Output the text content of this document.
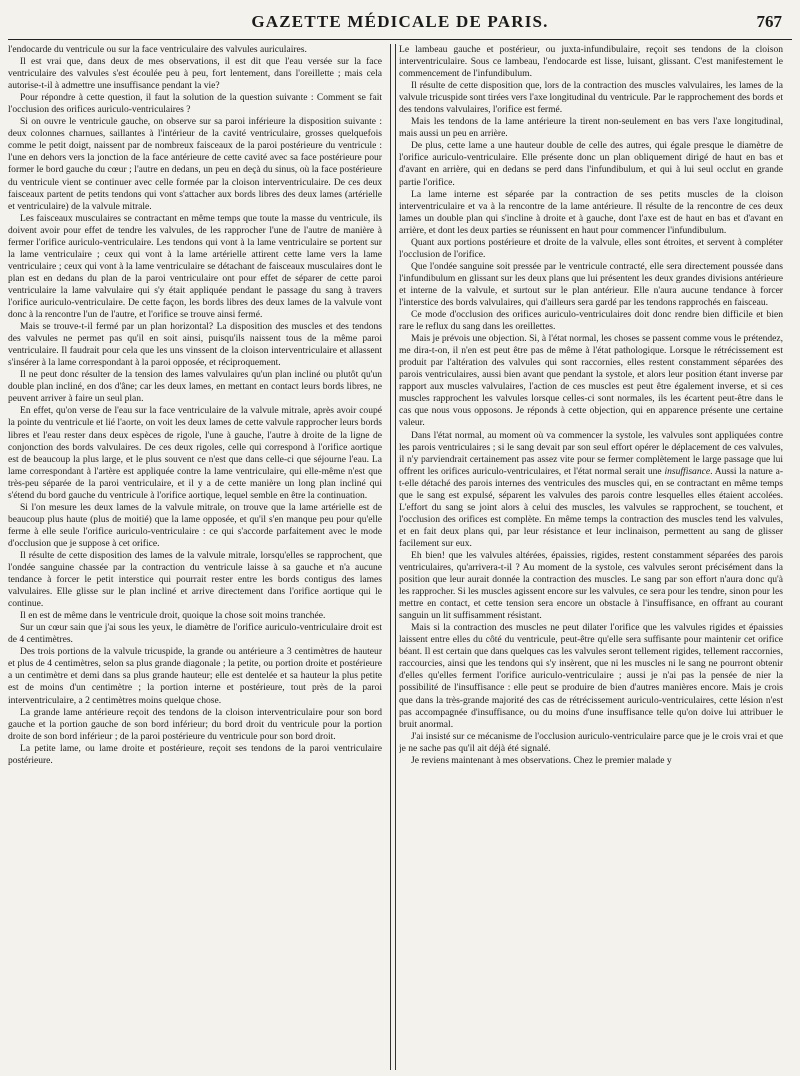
GAZETTE MÉDICALE DE PARIS.	767

l'endocarde du ventricule ou sur la face ventriculaire des valvules auriculaires.

Il est vrai que, dans deux de mes observations, il est dit que l'eau versée sur la face ventriculaire des valvules s'est écoulée peu à peu, fort lentement, dans l'oreillette ; mais cela autorise-t-il à admettre une insuffisance pendant la vie?

Pour répondre à cette question, il faut la solution de la question suivante : Comment se fait l'occlusion des orifices auriculo-ventriculaires ?

Si on ouvre le ventricule gauche, on observe sur sa paroi inférieure la disposition suivante : deux colonnes charnues, saillantes à l'intérieur de la cavité ventriculaire, grosses quelquefois comme le petit doigt, naissent par de nombreux faisceaux de la paroi postérieure du ventricule : l'une en dehors vers la jonction de la face antérieure de cette cavité avec sa face postérieure pour former le bord gauche du cœur ; l'autre en dedans, un peu en deçà du sinus, où la face postérieure du ventricule vient se continuer avec celle formée par la cloison interventriculaire. De ces deux faisceaux partent de petits tendons qui vont s'attacher aux bords libres des deux lames (artérielle et ventriculaire) de la valvule mitrale.

Les faisceaux musculaires se contractant en même temps que toute la masse du ventricule, ils doivent avoir pour effet de tendre les valvules, de les rapprocher l'une de l'autre de manière à fermer l'orifice auriculo-ventriculaire. Les tendons qui vont à la lame ventriculaire se portent sur la lame ventriculaire ; ceux qui vont à la lame artérielle attirent cette lame vers la lame ventriculaire ; ceux qui vont à la lame ventriculaire se détachant de faisceaux musculaires dont le plan est en dedans du plan de la paroi ventriculaire ont pour effet de séparer de cette paroi ventriculaire la lame valvulaire qui s'y était appliquée pendant le passage du sang à travers l'orifice auriculo-ventriculaire. De cette façon, les bords libres des deux lames de la valvule vont donc à la rencontre l'un de l'autre, et l'orifice se trouve ainsi fermé.

Mais se trouve-t-il fermé par un plan horizontal? La disposition des muscles et des tendons des valvules ne permet pas qu'il en soit ainsi, puisqu'ils naissent tous de la même paroi ventriculaire. Il faudrait pour cela que les uns vinssent de la cloison interventriculaire et allassent s'insérer à la lame correspondant à la paroi opposée, et réciproquement.

Il ne peut donc résulter de la tension des lames valvulaires qu'un plan incliné ou plutôt qu'un double plan incliné, en dos d'âne; car les deux lames, en mettant en contact leurs bords libres, ne peuvent arriver à faire un seul plan.

En effet, qu'on verse de l'eau sur la face ventriculaire de la valvule mitrale, après avoir coupé la pointe du ventricule et lié l'aorte, on voit les deux lames de cette valvule rapprocher leurs bords libres et l'eau rester dans deux espèces de rigole, l'une à gauche, l'autre à droite de la ligne de conjonction des bords valvulaires. De ces deux rigoles, celle qui correspond à l'orifice aortique est de beaucoup la plus large, et le plus souvent ce n'est que dans celle-ci que séjourne l'eau. La lame correspondant à l'artère est appliquée contre la lame ventriculaire, qui elle-même n'est que très-peu séparée de la paroi ventriculaire, et il y a de cette manière un long plan incliné qui s'étend du bord gauche du ventricule à l'orifice aortique, lequel semble en être la continuation.

Si l'on mesure les deux lames de la valvule mitrale, on trouve que la lame artérielle est de beaucoup plus haute (plus de moitié) que la lame opposée, et qu'il s'en manque peu pour qu'elle ferme à elle seule l'orifice auriculo-ventriculaire : ce qui s'accorde parfaitement avec le mode d'occlusion que je suppose à cet orifice.

Il résulte de cette disposition des lames de la valvule mitrale, lorsqu'elles se rapprochent, que l'ondée sanguine chassée par la contraction du ventricule laisse à sa gauche et n'a aucune tendance à forcer le petit interstice qui pourrait rester entre les bords contigus des lames valvulaires. Elle glisse sur le plan incliné et arrive directement dans l'orifice aortique qui le continue.

Il en est de même dans le ventricule droit, quoique la chose soit moins tranchée.

Sur un cœur sain que j'ai sous les yeux, le diamètre de l'orifice auriculo-ventriculaire droit est de 4 centimètres.

Des trois portions de la valvule tricuspide, la grande ou antérieure a 3 centimètres de hauteur et plus de 4 centimètres, selon sa plus grande diagonale ; la petite, ou portion droite et postérieure a un centimètre et demi dans sa plus grande hauteur; elle est dentelée et sa hauteur la plus petite est de moins d'un centimètre ; la portion interne et postérieure, tout près de la paroi interventriculaire, a 2 centimètres moins quelque chose.

La grande lame antérieure reçoit des tendons de la cloison interventriculaire pour son bord gauche et la portion gauche de son bord inférieur; du bord droit du ventricule pour la portion droite de son bord inférieur ; de la paroi postérieure du ventricule pour son bord droit.

La petite lame, ou lame droite et postérieure, reçoit ses tendons de la paroi ventriculaire postérieure.

Le lambeau gauche et postérieur, ou juxta-infundibulaire, reçoit ses tendons de la cloison interventriculaire. Sous ce lambeau, l'endocarde est lisse, luisant, glissant. C'est manifestement le commencement de l'infundibulum.

Il résulte de cette disposition que, lors de la contraction des muscles valvulaires, les lames de la valvule tricuspide sont tirées vers l'axe longitudinal du ventricule. Par le rapprochement des bords et des tendons valvulaires, l'orifice est fermé.

Mais les tendons de la lame antérieure la tirent non-seulement en bas vers l'axe longitudinal, mais aussi un peu en arrière.

De plus, cette lame a une hauteur double de celle des autres, qui égale presque le diamètre de l'orifice auriculo-ventriculaire. Elle présente donc un plan obliquement dirigé de haut en bas et d'avant en arrière, qui en dedans se perd dans l'infundibulum, et qui à lui seul occlut en grande partie l'orifice.

La lame interne est séparée par la contraction de ses petits muscles de la cloison interventriculaire et va à la rencontre de la lame antérieure. Il résulte de la rencontre de ces deux lames un double plan qui s'incline à droite et à gauche, dont l'axe est de haut en bas et d'avant en arrière, et dont les deux parties se réunissent en haut pour commencer l'infundibulum.

Quant aux portions postérieure et droite de la valvule, elles sont étroites, et servent à compléter l'occlusion de l'orifice.

Que l'ondée sanguine soit pressée par le ventricule contracté, elle sera directement poussée dans l'infundibulum en glissant sur les deux plans que lui présentent les deux grandes divisions antérieure et interne de la valvule, et surtout sur le plan antérieur. Elle n'aura aucune tendance à forcer l'interstice des bords valvulaires, qui d'ailleurs sera gardé par les tendons rapprochés en faisceau.

Ce mode d'occlusion des orifices auriculo-ventriculaires doit donc rendre bien difficile et bien rare le reflux du sang dans les oreillettes.

Mais je prévois une objection. Si, à l'état normal, les choses se passent comme vous le prétendez, me dira-t-on, il n'en est peut être pas de même à l'état pathologique. Lorsque le rétrécissement est produit par l'altération des valvules qui sont raccornies, elles restent constamment séparées des parois ventriculaires, aussi bien avant que pendant la systole, et alors leur position étant inverse par rapport aux muscles valvulaires, l'action de ces muscles est peut être également inverse, et si ces muscles rapprochent les valvules lorsque celles-ci sont normales, ils les écartent peut-être dans le cas que nous vous opposons. Je réponds à cette objection, qui en apparence présente une certaine valeur.

Dans l'état normal, au moment où va commencer la systole, les valvules sont appliquées contre les parois ventriculaires ; si le sang devait par son seul effort opérer le déplacement de ces valvules, il n'y parviendrait certainement pas assez vite pour se fermer complètement le large passage que lui offrent les orifices auriculo-ventriculaires, et l'état normal serait une insuffisance. Aussi la nature a-t-elle détaché des parois internes des ventricules des muscles qui, en se contractant en même temps que le sang est expulsé, séparent les valvules des parois contre lesquelles elles étaient accolées. L'effort du sang se joint alors à celui des muscles, les valvules se rapprochent, se touchent, et l'occlusion des orifices est complète. En même temps la contraction des muscles tend les valvules, et en fait deux plans qui, par leur résistance et leur inclinaison, permettent au sang de glisser facilement sur eux.

Eh bien! que les valvules altérées, épaissies, rigides, restent constamment séparées des parois ventriculaires, qu'arrivera-t-il ? Au moment de la systole, ces valvules seront précisément dans la position que leur aurait donnée la contraction des muscles. Le sang par son effort n'aura donc qu'à les rapprocher. Si les muscles agissent encore sur les valvules, ce sera pour les tendre, sinon pour les mettre en contact, et cette tension sera encore un obstacle à l'insuffisance, en offrant au courant sanguin un lit suffisamment résistant.

Mais si la contraction des muscles ne peut dilater l'orifice que les valvules rigides et épaissies laissent entre elles du côté du ventricule, peut-être qu'elle sera suffisante pour maintenir cet orifice béant. Il est certain que dans quelques cas les valvules seront tellement rigides, tellement raccornies, raccourcies, ainsi que les tendons qui s'y insèrent, que ni les muscles ni le sang ne pourront obtenir d'elles qu'elles ferment l'orifice auriculo-ventriculaire ; aussi je n'ai pas la pensée de nier la possibilité de l'insuffisance : elle peut se produire de bien d'autres manières encore. Mais je crois que dans la très-grande majorité des cas de rétrécissement auriculo-ventriculaires, cette lésion n'est pas accompagnée d'insuffisance, ou du moins d'une insuffisance telle qu'on doive lui attribuer le bruit anormal.

J'ai insisté sur ce mécanisme de l'occlusion auriculo-ventriculaire parce que je le crois vrai et que je ne sache pas qu'il ait déjà été signalé.

Je reviens maintenant à mes observations. Chez le premier malade y
